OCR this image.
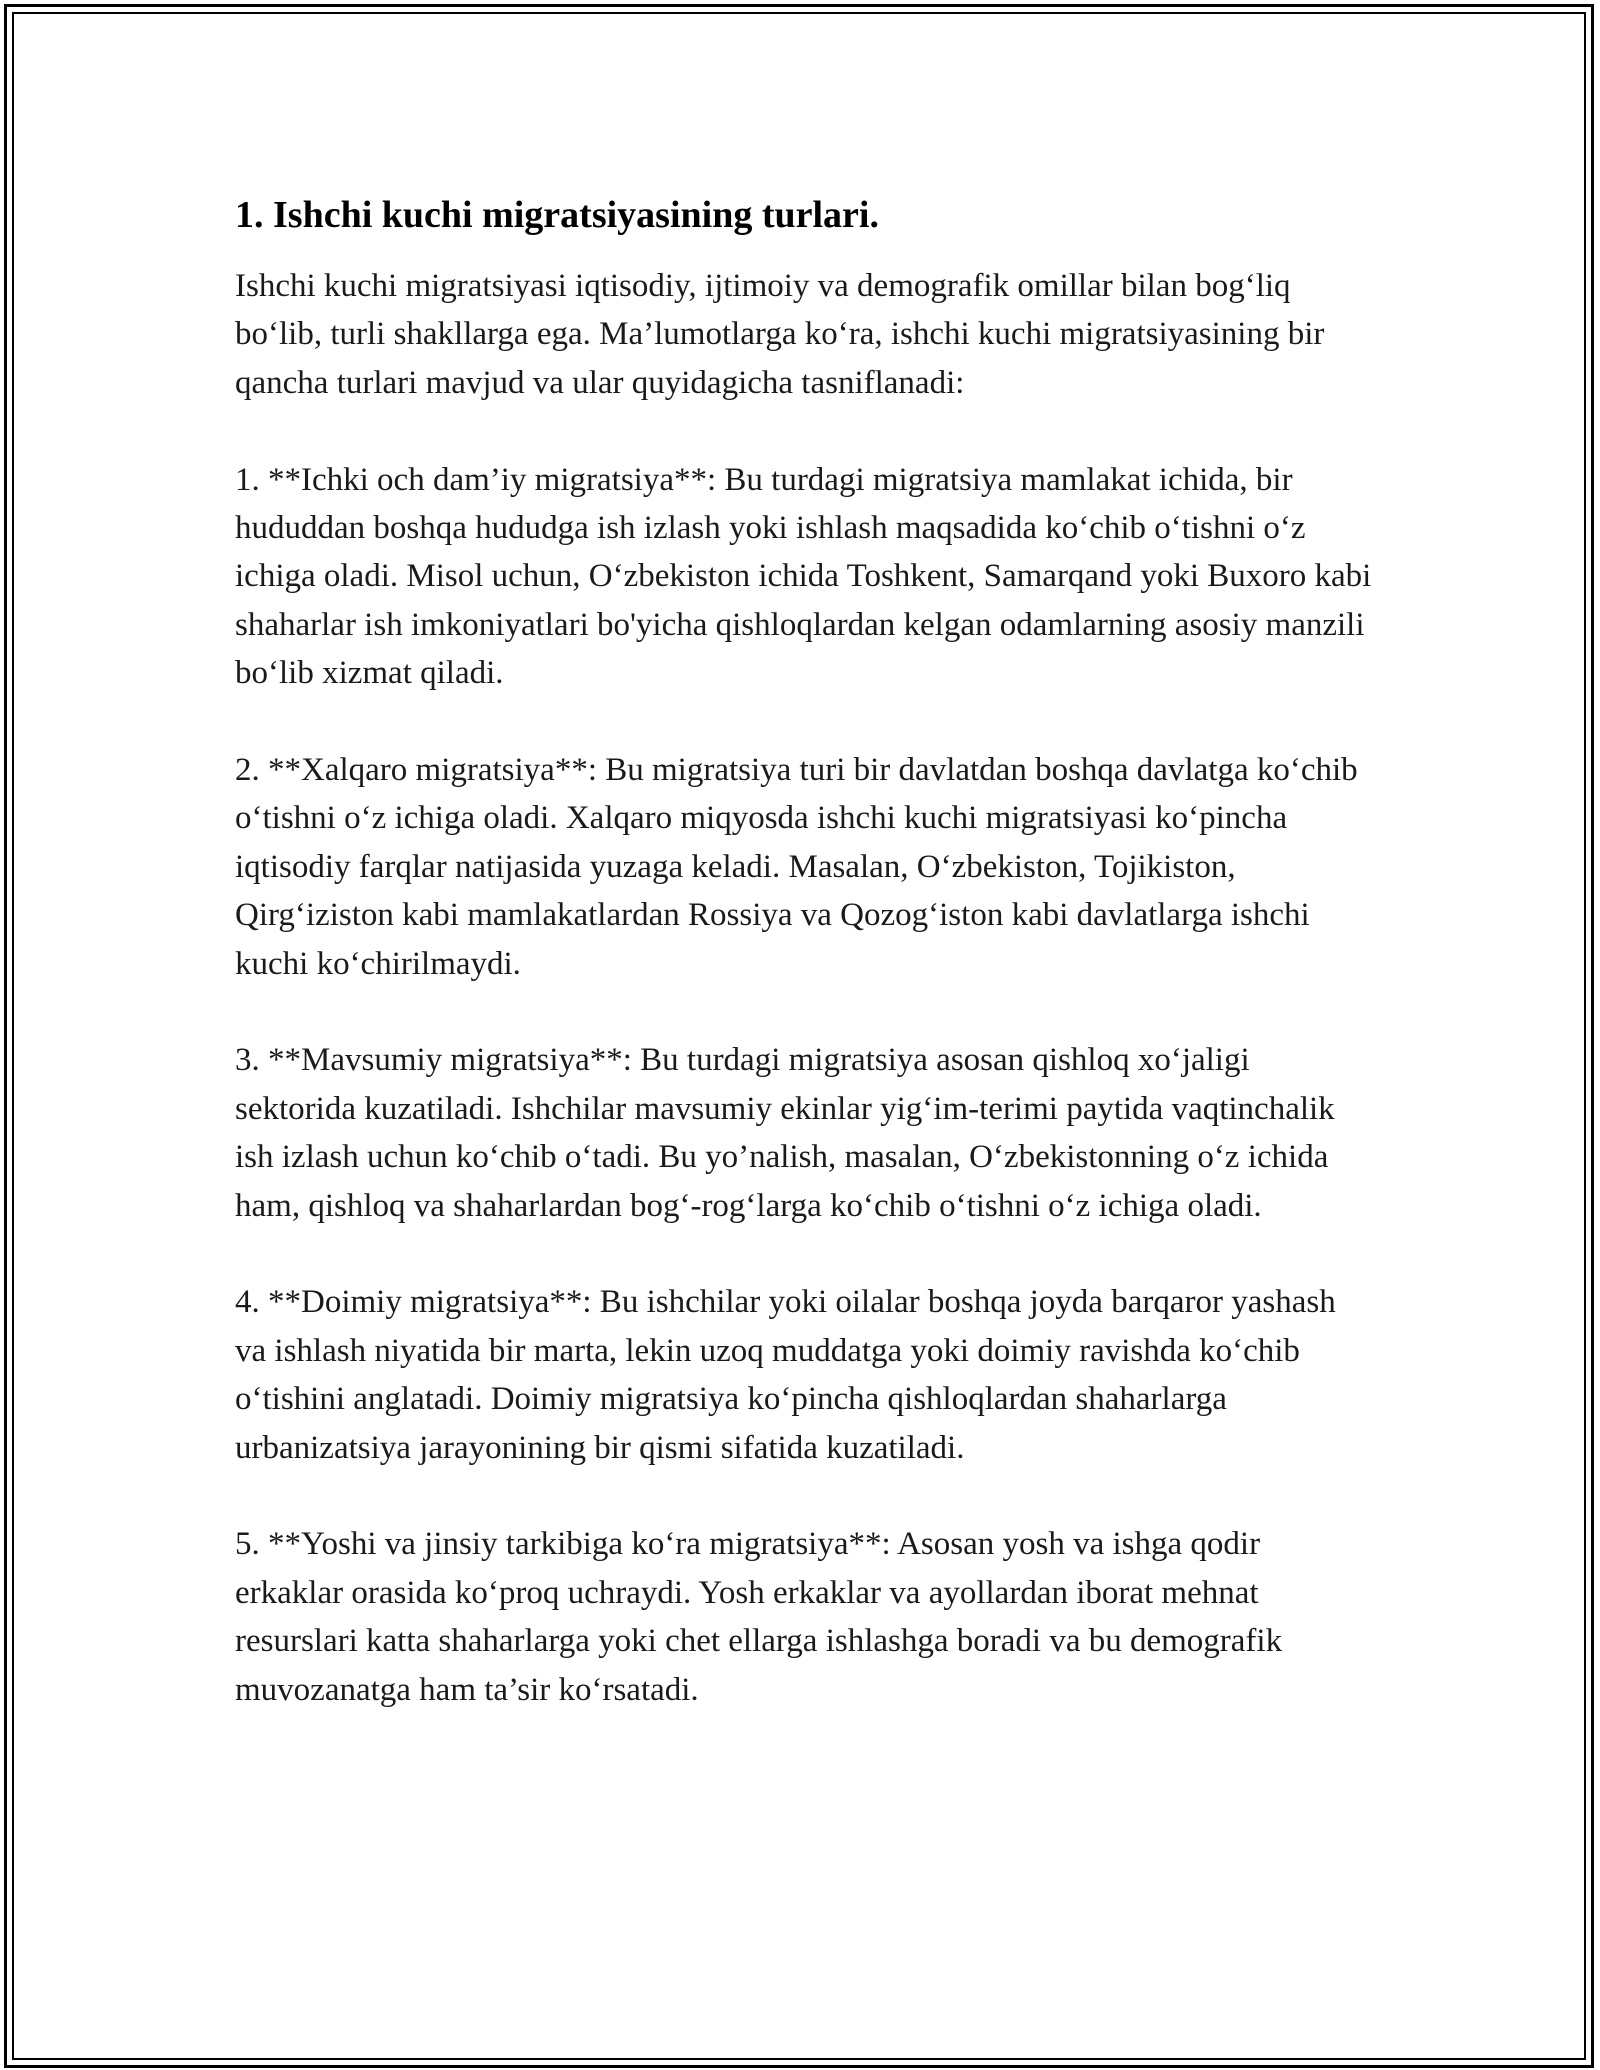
1. Ishchi kuchi migratsiyasining turlari.

Ishchi kuchi migratsiyasi iqtisodiy, ijtimoiy va demografik omillar bilan bog‘liq bo‘lib, turli shakllarga ega. Ma’lumotlarga ko‘ra, ishchi kuchi migratsiyasining bir qancha turlari mavjud va ular quyidagicha tasniflanadi:

1. **Ichki och dam’iy migratsiya**: Bu turdagi migratsiya mamlakat ichida, bir hududdan boshqa hududga ish izlash yoki ishlash maqsadida ko‘chib o‘tishni o‘z ichiga oladi. Misol uchun, O‘zbekiston ichida Toshkent, Samarqand yoki Buxoro kabi shaharlar ish imkoniyatlari bo'yicha qishloqlardan kelgan odamlarning asosiy manzili bo‘lib xizmat qiladi.

2. **Xalqaro migratsiya**: Bu migratsiya turi bir davlatdan boshqa davlatga ko‘chib o‘tishni o‘z ichiga oladi. Xalqaro miqyosda ishchi kuchi migratsiyasi ko‘pincha iqtisodiy farqlar natijasida yuzaga keladi. Masalan, O‘zbekiston, Tojikiston, Qirg‘iziston kabi mamlakatlardan Rossiya va Qozog‘iston kabi davlatlarga ishchi kuchi ko‘chirilmaydi.

3. **Mavsumiy migratsiya**: Bu turdagi migratsiya asosan qishloq xo‘jaligi sektorida kuzatiladi. Ishchilar mavsumiy ekinlar yig‘im-terimi paytida vaqtinchalik ish izlash uchun ko‘chib o‘tadi. Bu yo’nalish, masalan, O‘zbekistonning o‘z ichida ham, qishloq va shaharlardan bog‘-rog‘larga ko‘chib o‘tishni o‘z ichiga oladi.

4. **Doimiy migratsiya**: Bu ishchilar yoki oilalar boshqa joyda barqaror yashash va ishlash niyatida bir marta, lekin uzoq muddatga yoki doimiy ravishda ko‘chib o‘tishini anglatadi. Doimiy migratsiya ko‘pincha qishloqlardan shaharlarga urbanizatsiya jarayonining bir qismi sifatida kuzatiladi.

5. **Yoshi va jinsiy tarkibiga ko‘ra migratsiya**: Asosan yosh va ishga qodir erkaklar orasida ko‘proq uchraydi. Yosh erkaklar va ayollardan iborat mehnat resurslari katta shaharlarga yoki chet ellarga ishlashga boradi va bu demografik muvozanatga ham ta’sir ko‘rsatadi.
